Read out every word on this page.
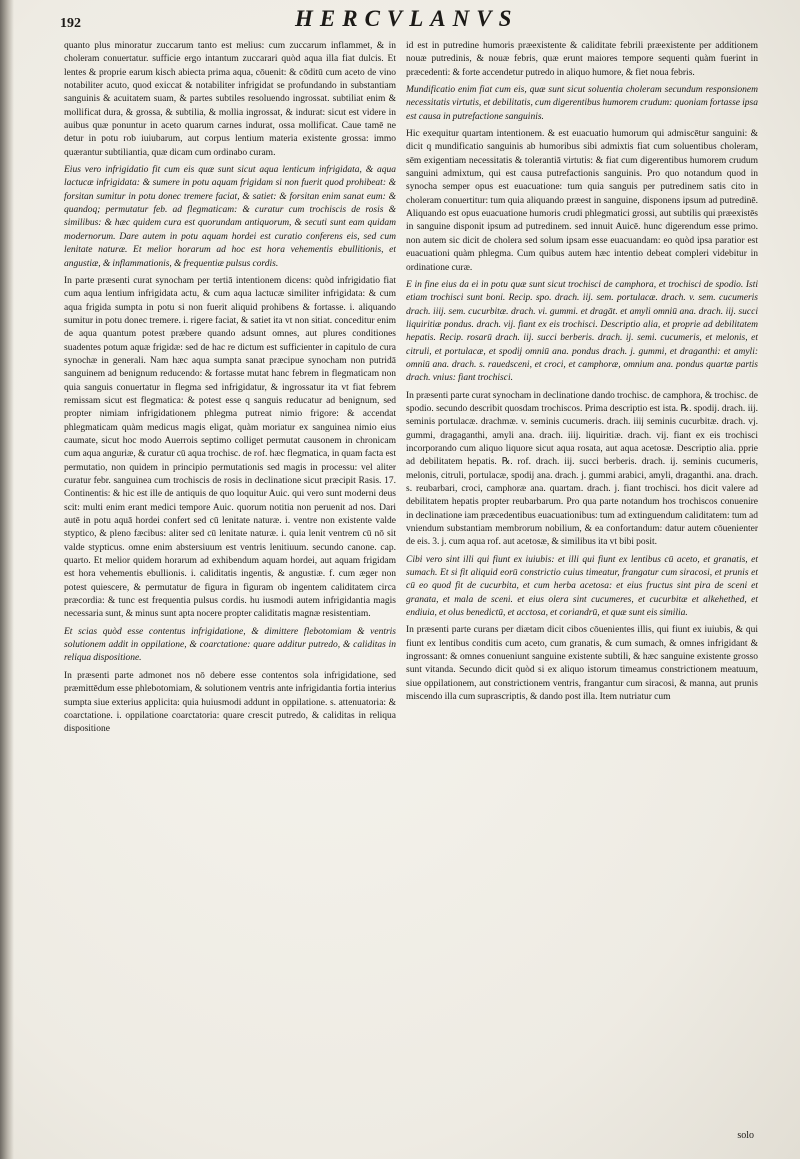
192	HERCVLANVS

quanto plus minoratur zuccarum tanto est melius: cum zuccarum inflammet, & in choleram conuertatur. sufficie ergo intantum zuccarari quòd aqua illa fiat dulcis. Et lentes & proprie earum kisch abiecta prima aqua, cōuenit: & cōditū cum aceto de vino notabiliter acuto, quod exiccat & notabiliter infrigidat se profundando in substantiam sanguinis & acuitatem suam, & partes subtiles resoluendo ingrossat. subtiliat enim & mollificat dura, & grossa, & subtilia, & mollia ingrossat, & indurat: sicut est videre in auibus quæ ponuntur in aceto quarum carnes indurat, ossa mollificat. Caue tamē ne detur in potu rob iuiubarum, aut corpus lentium materia existente grossa: immo quærantur subtiliantia, quæ dicam cum ordinabo curam.

Eius vero infrigidatio fit cum eis quæ sunt sicut aqua lenticum infrigidata, & aqua lactucæ infrigidata: & sumere in potu aquam frigidam si non fuerit quod prohibeat: & forsitan sumitur in potu donec tremere faciat, & satiet: & forsitan enim sanat eum: & quandoq; permutatur feb. ad flegmaticam: & curatur cum trochiscis de rosis & similibus: & hæc quidem cura est quorundam antiquorum, & secuti sunt eam quidam modernorum. Dare autem in potu aquam hordei est curatio conferens eis, sed cum lenitate naturæ. Et melior horarum ad hoc est hora vehementis ebullitionis, et angustiæ, & inflammationis, & frequentiæ pulsus cordis.

In parte præsenti curat synocham per tertiā intentionem dicens: quòd infrigidatio fiat cum aqua lentium infrigidata actu, & cum aqua lactucæ similiter infrigidata: & cum aqua frigida sumpta in potu si non fuerit aliquid prohibens & fortasse. i. aliquando sumitur in potu donec tremere. i. rigere faciat, & satiet ita vt non sitiat. conceditur enim de aqua quantum potest præbere quando adsunt omnes, aut plures conditiones suadentes potum aquæ frigidæ: sed de hac re dictum est sufficienter in capitulo de cura synochæ in generali. Nam hæc aqua sumpta sanat præcipue synocham non putridā sanguinem ad benignum reducendo: & fortasse mutat hanc febrem in flegmaticam non quia sanguis conuertatur in flegma sed infrigidatur, & ingrossatur ita vt fiat febrem remissam sicut est flegmatica: & potest esse q sanguis reducatur ad benignum, sed propter nimiam infrigidationem phlegma putreat nimio frigore: & accendat phlegmaticam quàm medicus magis eligat, quàm moriatur ex sanguinea nimio eius caumate, sicut hoc modo Auerrois septimo colliget permutat causonem in chronicam cum aqua anguriæ, & curatur cū aqua trochisc. de rof. hæc flegmatica, in quam facta est permutatio, non quidem in principio permutationis sed magis in processu: vel aliter curatur febr. sanguinea cum trochiscis de rosis in declinatione sicut præcipit Rasis. 17. Continentis: & hic est ille de antiquis de quo loquitur Auic. qui vero sunt moderni deus scit: multi enim erant medici tempore Auic. quorum notitia non peruenit ad nos. Dari autē in potu aquā hordei confert sed cū lenitate naturæ. i. ventre non existente valde styptico, & pleno fæcibus: aliter sed cū lenitate naturæ. i. quia lenit ventrem cū nō sit valde stypticus. omne enim abstersiuum est ventris lenitiuum. secundo canone. cap. quarto. Et melior quidem horarum ad exhibendum aquam hordei, aut aquam frigidam est hora vehementis ebullionis. i. caliditatis ingentis, & angustiæ. f. cum æger non potest quiescere, & permutatur de figura in figuram ob ingentem caliditatem circa præcordia: & tunc est frequentia pulsus cordis. hu iusmodi autem infrigidantia magis necessaria sunt, & minus sunt apta nocere propter caliditatis magnæ resistentiam.

Et scias quòd esse contentus infrigidatione, & dimittere flebotomiam & ventris solutionem addit in oppilatione, & coarctatione: quare additur putredo, & caliditas in reliqua dispositione.

In præsenti parte admonet nos nō debere esse contentos sola infrigidatione, sed præmittēdum esse phlebotomiam, & solutionem ventris ante infrigidantia fortia interius sumpta siue exterius applicita: quia huiusmodi addunt in oppilatione. s. attenuatoria: & coarctatione. i. oppilatione coarctatoria: quare crescit putredo, & caliditas in reliqua dispositione

id est in putredine humoris præexistente & caliditate febrili præexistente per additionem nouæ putredinis, & nouæ febris, quæ erunt maiores tempore sequenti quàm fuerint in præcedenti: & forte accendetur putredo in aliquo humore, & fiet noua febris.

Mundificatio enim fiat cum eis, quæ sunt sicut soluentia choleram secundum responsionem necessitatis virtutis, et debilitatis, cum digerentibus humorem crudum: quoniam fortasse ipsa est causa in putrefactione sanguinis.

Hic exequitur quartam intentionem. & est euacuatio humorum qui admiscētur sanguini: & dicit q mundificatio sanguinis ab humoribus sibi admixtis fiat cum soluentibus choleram, sēm exigentiam necessitatis & tolerantiā virtutis: & fiat cum digerentibus humorem crudum sanguini admixtum, qui est causa putrefactionis sanguinis. Pro quo notandum quod in synocha semper opus est euacuatione: tum quia sanguis per putredinem satis cito in choleram conuertitur: tum quia aliquando præest in sanguine, disponens ipsum ad putredinē. Aliquando est opus euacuatione humoris crudi phlegmatici grossi, aut subtilis qui præexistēs in sanguine disponit ipsum ad putredinem. sed innuit Auicē. hunc digerendum esse primo. non autem sic dicit de cholera sed solum ipsam esse euacuandam: eo quòd ipsa paratior est euacuationi quàm phlegma. Cum quibus autem hæc intentio debeat compleri videbitur in ordinatione curæ.

E in fine eius da ei in potu quæ sunt sicut trochisci de camphora, et trochisci de spodio. Isti etiam trochisci sunt boni. Recip. spo. drach. iij. sem. portulacæ. drach. v. sem. cucumeris drach. iiij. sem. cucurbitæ. drach. vi. gummi. et dragāt. et amyli omniū ana. drach. iij. succi liquiritiæ pondus. drach. vij. fiant ex eis trochisci. Descriptio alia, et proprie ad debilitatem hepatis. Recip. rosarū drach. iij. succi berberis. drach. ij. semi. cucumeris, et melonis, et citruli, et portulacæ, et spodij omniū ana. pondus drach. j. gummi, et draganthi: et amyli: omniū ana. drach. s. rauedsceni, et croci, et camphoræ, omnium ana. pondus quartæ partis drach. vnius: fiant trochisci.

In præsenti parte curat synocham in declinatione dando trochisc. de camphora, & trochisc. de spodio. secundo describit quosdam trochiscos. Prima descriptio est ista. ℞. spodij. drach. iij. seminis portulacæ. drachmæ. v. seminis cucumeris. drach. iiij seminis cucurbitæ. drach. vj. gummi, dragaganthi, amyli ana. drach. iiij. liquiritiæ. drach. vij. fiant ex eis trochisci incorporando cum aliquo liquore sicut aqua rosata, aut aqua acetosæ. Descriptio alia. pprie ad debilitatem hepatis. ℞. rof. drach. iij. succi berberis. drach. ij. seminis cucumeris, melonis, citruli, portulacæ, spodij ana. drach. j. gummi arabici, amyli, draganthi. ana. drach. s. reubarbari, croci, camphoræ ana. quartam. drach. j. fiant trochisci. hos dicit valere ad debilitatem hepatis propter reubarbarum. Pro qua parte notandum hos trochiscos conuenire in declinatione iam præcedentibus euacuationibus: tum ad extinguendum caliditatem: tum ad vniendum substantiam membrorum nobilium, & ea confortandum: datur autem cōuenienter de eis. 3. j. cum aqua rof. aut acetosæ, & similibus ita vt bibi posit.

Cibi vero sint illi qui fiunt ex iuiubis: et illi qui fiunt ex lentibus cū aceto, et granatis, et sumach. Et si fit aliquid eorū constrictio cuius timeatur, frangatur cum siracosi, et prunis et cū eo quod fit de cucurbita, et cum herba acetosa: et eius fructus sint pira de sceni et granata, et mala de sceni. et eius olera sint cucumeres, et cucurbitæ et alkehethed, et endiuia, et olus benedictū, et acctosa, et coriandrū, et quæ sunt eis similia.

In præsenti parte curans per diætam dicit cibos cōuenientes illis, qui fiunt ex iuiubis, & qui fiunt ex lentibus conditis cum aceto, cum granatis, & cum sumach, & omnes infrigidant & ingrossant: & omnes conueniunt sanguine existente subtili, & hæc sanguine existente grosso sunt vitanda. Secundo dicit quòd si ex aliquo istorum timeamus constrictionem meatuum, siue oppilationem, aut constrictionem ventris, frangantur cum siracosi, & manna, aut prunis miscendo illa cum suprascriptis, & dando post illa. Item nutriatur cum

solo
